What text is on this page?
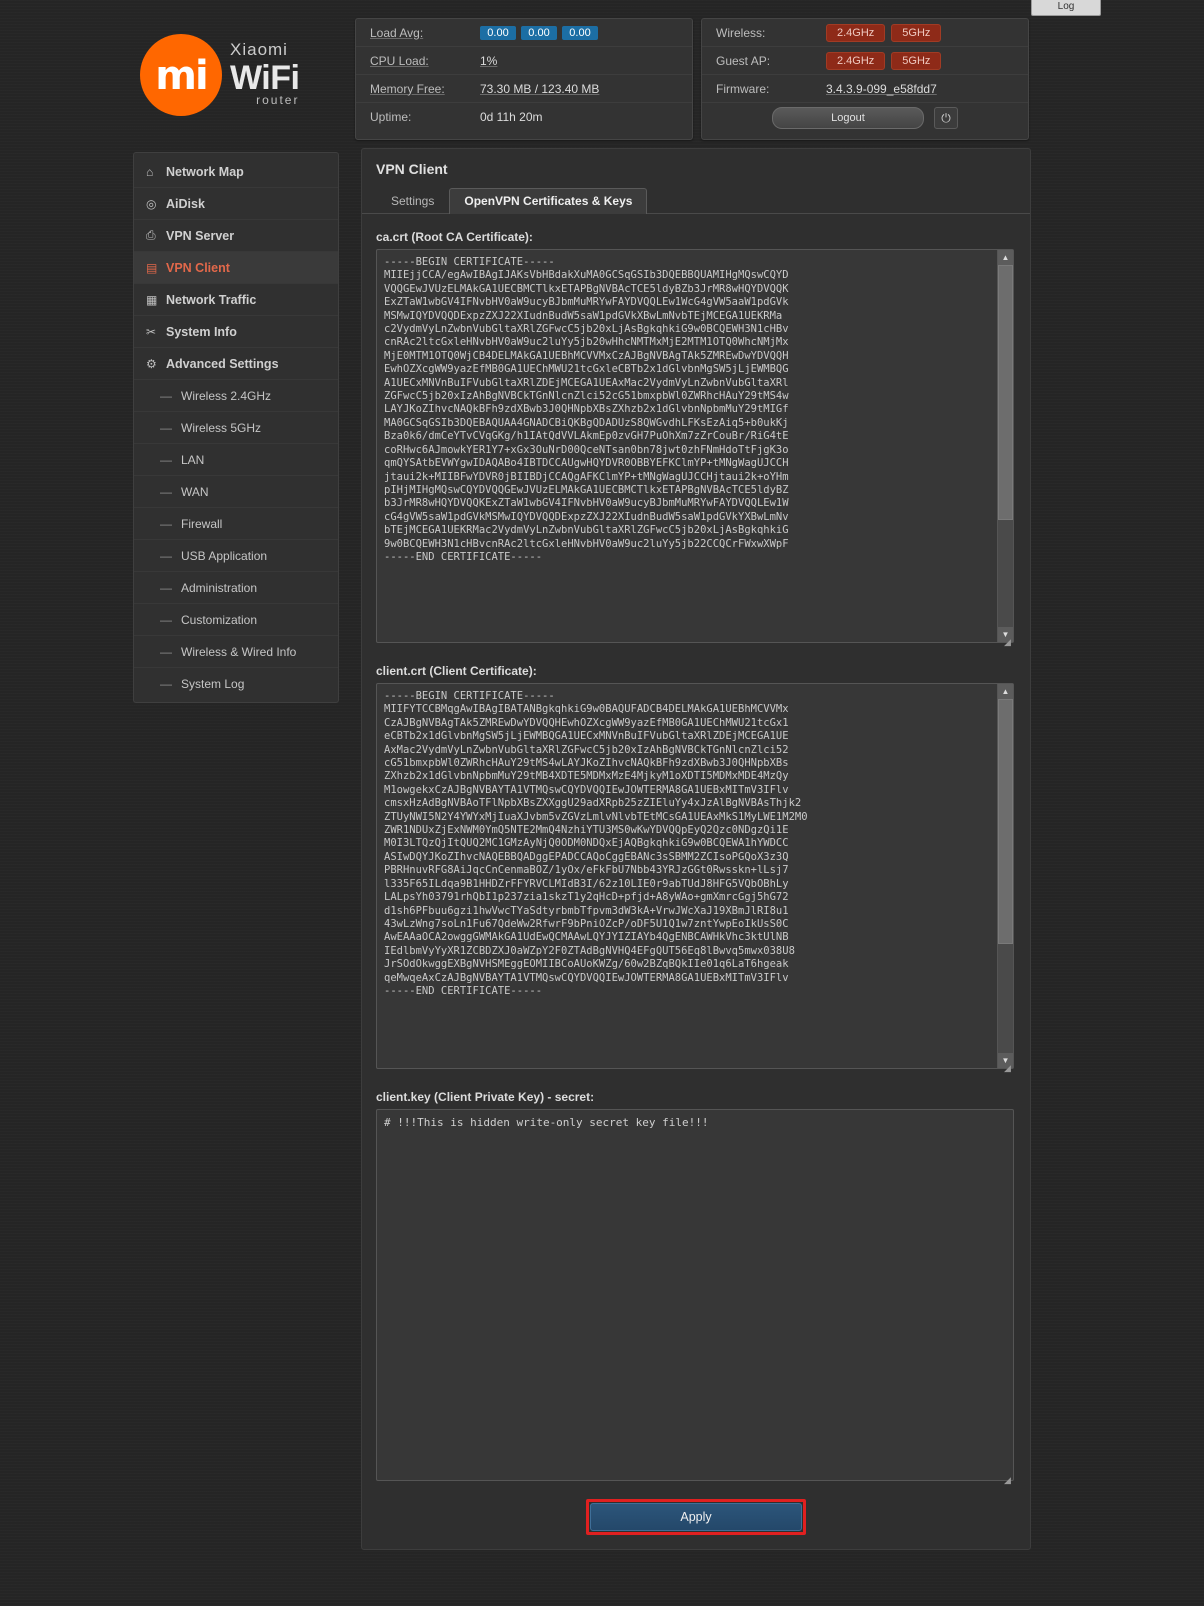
Log
mi
Xiaomi
WiFi
router
Load Avg:	0.00 0.00 0.00
CPU Load:	1%
Memory Free:	73.30 MB / 123.40 MB
Uptime:	0d 11h 20m
Wireless:	2.4GHz	5GHz
Guest AP:	2.4GHz	5GHz
Firmware:	3.4.3.9-099_e58fdd7
Logout	⏻
⌂	Network Map
◎ AiDisk
⎙ VPN Server
▤ VPN Client
▦ Network Traffic
✂ System Info
⚙ Advanced Settings
— Wireless 2.4GHz
— Wireless 5GHz
— LAN
— WAN
— Firewall
— USB Application
— Administration
— Customization
— Wireless & Wired Info
— System Log
VPN Client
Settings	OpenVPN Certificates & Keys
ca.crt (Root CA Certificate):
-----BEGIN CERTIFICATE----- MIIEjjCCA/egAwIBAgIJAKsVbHBdakXuMA0GCSqGSIb3DQEBBQUAMIHgMQswCQYD VQQGEwJVUzELMAkGA1UECBMCTlkxETAPBgNVBAcTCE5ldyBZb3JrMR8wHQYDVQQK ExZTaW1wbGV4IFNvbHV0aW9ucyBJbmMuMRYwFAYDVQQLEw1WcG4gVW5aaW1pdGVk MSMwIQYDVQQDExpzZXJ22XIudnBudW5saW1pdGVkXBwLmNvbTEjMCEGA1UEKRMa c2VydmVyLnZwbnVubGltaXRlZGFwcC5jb20xLjAsBgkqhkiG9w0BCQEWH3N1cHBv cnRAc2ltcGxleHNvbHV0aW9uc2luYy5jb20wHhcNMTMxMjE2MTM1OTQ0WhcNMjMx MjE0MTM1OTQ0WjCB4DELMAkGA1UEBhMCVVMxCzAJBgNVBAgTAk5ZMREwDwYDVQQH EwhOZXcgWW9yazEfMB0GA1UEChMWU21tcGxleCBTb2x1dGlvbnMgSW5jLjEWMBQG A1UECxMNVnBuIFVubGltaXRlZDEjMCEGA1UEAxMac2VydmVyLnZwbnVubGltaXRl ZGFwcC5jb20xIzAhBgNVBCkTGnNlcnZlci52cG51bmxpbWl0ZWRhcHAuY29tMS4w LAYJKoZIhvcNAQkBFh9zdXBwb3J0QHNpbXBsZXhzb2x1dGlvbnNpbmMuY29tMIGf MA0GCSqGSIb3DQEBAQUAA4GNADCBiQKBgQDADUzS8QWGvdhLFKsEzAiq5+b0ukKj Bza0k6/dmCeYTvCVqGKg/h1IAtQdVVLAkmEp0zvGH7PuOhXm7zZrCouBr/RiG4tE coRHwc6AJmowkYER1Y7+xGx3OuNrD00QceNTsan0bn78jwt0zhFNmHdoTtFjgK3o qmQYSAtbEVWYgwIDAQABo4IBTDCCAUgwHQYDVR0OBBYEFKClmYP+tMNgWagUJCCH jtaui2k+MIIBFwYDVR0jBIIBDjCCAQgAFKClmYP+tMNgWagUJCCHjtaui2k+oYHm pIHjMIHgMQswCQYDVQQGEwJVUzELMAkGA1UECBMCTlkxETAPBgNVBAcTCE5ldyBZ b3JrMR8wHQYDVQQKExZTaW1wbGV4IFNvbHV0aW9ucyBJbmMuMRYwFAYDVQQLEw1W cG4gVW5saW1pdGVkMSMwIQYDVQQDExpzZXJ22XIudnBudW5saW1pdGVkYXBwLmNv bTEjMCEGA1UEKRMac2VydmVyLnZwbnVubGltaXRlZGFwcC5jb20xLjAsBgkqhkiG 9w0BCQEWH3N1cHBvcnRAc2ltcGxleHNvbHV0aW9uc2luYy5jb22CCQCrFWxwXWpF -----END CERTIFICATE-----
▲
▼
◢
client.crt (Client Certificate):
-----BEGIN CERTIFICATE----- MIIFYTCCBMqgAwIBAgIBATANBgkqhkiG9w0BAQUFADCB4DELMAkGA1UEBhMCVVMx CzAJBgNVBAgTAk5ZMREwDwYDVQQHEwhOZXcgWW9yazEfMB0GA1UEChMWU21tcGx1 eCBTb2x1dGlvbnMgSW5jLjEWMBQGA1UECxMNVnBuIFVubGltaXRlZDEjMCEGA1UE AxMac2VydmVyLnZwbnVubGltaXRlZGFwcC5jb20xIzAhBgNVBCkTGnNlcnZlci52 cG51bmxpbWl0ZWRhcHAuY29tMS4wLAYJKoZIhvcNAQkBFh9zdXBwb3J0QHNpbXBs ZXhzb2x1dGlvbnNpbmMuY29tMB4XDTE5MDMxMzE4MjkyM1oXDTI5MDMxMDE4MzQy M1owgekxCzAJBgNVBAYTA1VTMQswCQYDVQQIEwJOWTERMA8GA1UEBxMITmV3IFlv cmsxHzAdBgNVBAoTFlNpbXBsZXXggU29adXRpb25zZIEluYy4xJzAlBgNVBAsThjk2 ZTUyNWI5N2Y4YWYxMjIuaXJvbm5vZGVzLmlvNlvbTEtMCsGA1UEAxMkS1MyLWE1M2M0 ZWR1NDUxZjExNWM0YmQ5NTE2MmQ4NzhiYTU3MS0wKwYDVQQpEyQ2Qzc0NDgzQi1E M0I3LTQzQjItQUQ2MC1GMzAyNjQ0ODM0NDQxEjAQBgkqhkiG9w0BCQEWA1hYWDCC ASIwDQYJKoZIhvcNAQEBBQADggEPADCCAQoCggEBANc3sSBMM2ZCIsoPGQoX3z3Q PBRHnuvRFG8AiJqcCnCenmaBOZ/1yOx/eFkFbU7Nbb43YRJzGGt0Rwsskn+lLsj7 l335F65ILdqa9B1HHDZrFFYRVCLMIdB3I/62z10LIE0r9abTUdJ8HFG5VQbOBhLy LALpsYh03791rhQbI1p237zia1skzT1y2qHcD+pfjd+A8yWAo+gmXmrcGgj5hG72 d1sh6PFbuu6gzi1hwVwcTYaSdtyrbmbTfpvm3dW3kA+VrwJWcXaJ19XBmJlRI8u1 43wLzWng7soLn1Fu67QdeWw2RfwrF9bPniOZcP/oDF5U1Q1w7zntYwpEoIkUsS0C AwEAAaOCA2owggGWMAkGA1UdEwQCMAAwLQYJYIZIAYb4QgENBCAWHkVhc3ktUlNB IEdlbmVyYyXR1ZCBDZXJ0aWZpY2F0ZTAdBgNVHQ4EFgQUT56Eq8lBwvq5mwx038U8 JrSOdOkwggEXBgNVHSMEggEOMIIBCoAUoKWZg/60w2BZqBQkIIe01q6LaT6hgeak qeMwqeAxCzAJBgNVBAYTA1VTMQswCQYDVQQIEwJOWTERMA8GA1UEBxMITmV3IFlv -----END CERTIFICATE-----
▲
▼
◢
client.key (Client Private Key) - secret:
# !!!This is hidden write-only secret key file!!!
◢
Apply
